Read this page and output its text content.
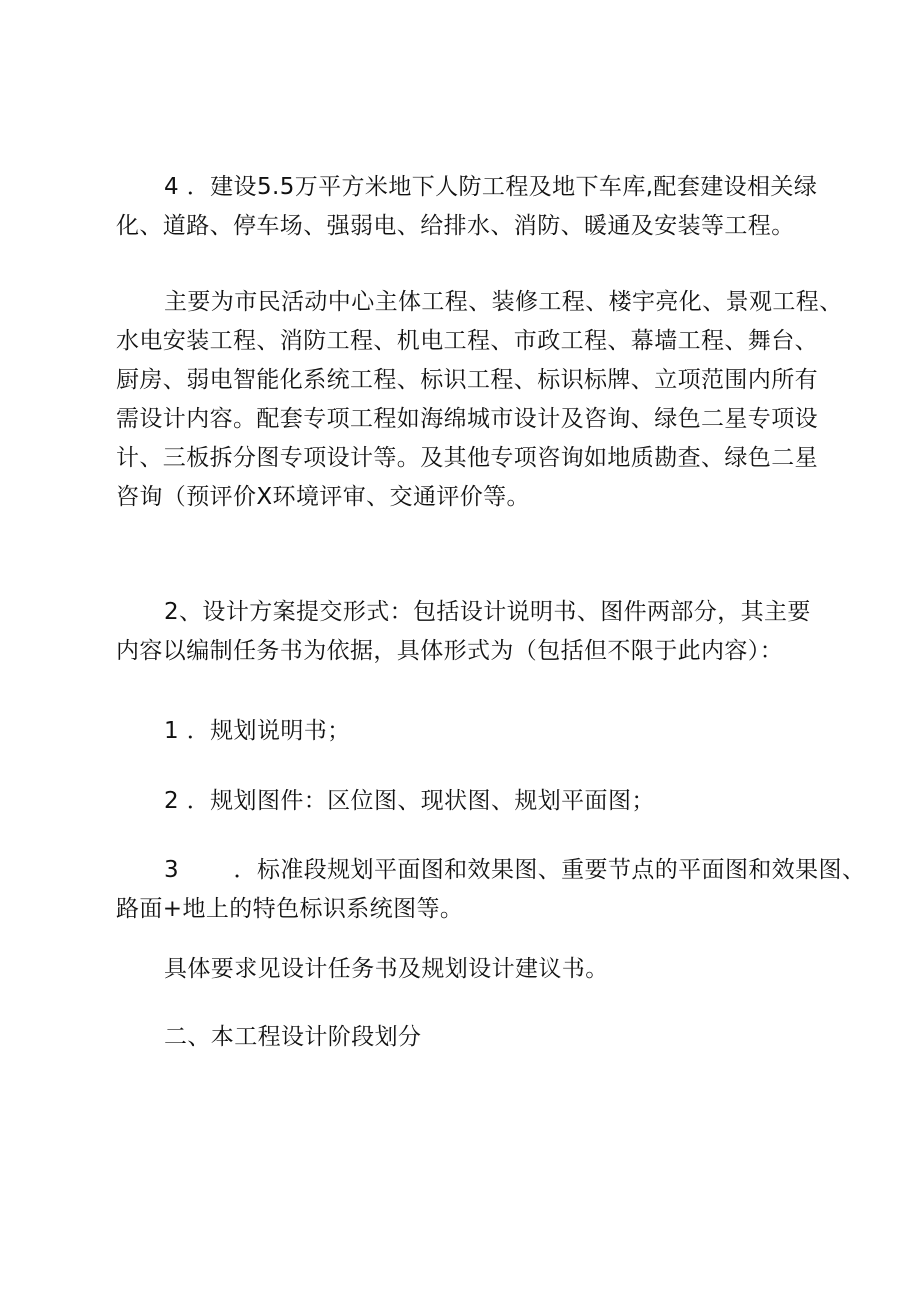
4 ．建设5.5万平方米地下人防工程及地下车库,配套建设相关绿
化、道路、停车场、强弱电、给排水、消防、暖通及安装等工程。
主要为市民活动中心主体工程、装修工程、楼宇亮化、景观工程、
水电安装工程、消防工程、机电工程、市政工程、幕墙工程、舞台、
厨房、弱电智能化系统工程、标识工程、标识标牌、立项范围内所有
需设计内容。配套专项工程如海绵城市设计及咨询、绿色二星专项设
计、三板拆分图专项设计等。及其他专项咨询如地质勘查、绿色二星
咨询（预评价Ⅹ环境评审、交通评价等。
2、设计方案提交形式：包括设计说明书、图件两部分，其主要
内容以编制任务书为依据，具体形式为（包括但不限于此内容）：
1 ．规划说明书；
2 ．规划图件：区位图、现状图、规划平面图；
3 　　．标准段规划平面图和效果图、重要节点的平面图和效果图、
路面+地上的特色标识系统图等。
具体要求见设计任务书及规划设计建议书。
二、本工程设计阶段划分
